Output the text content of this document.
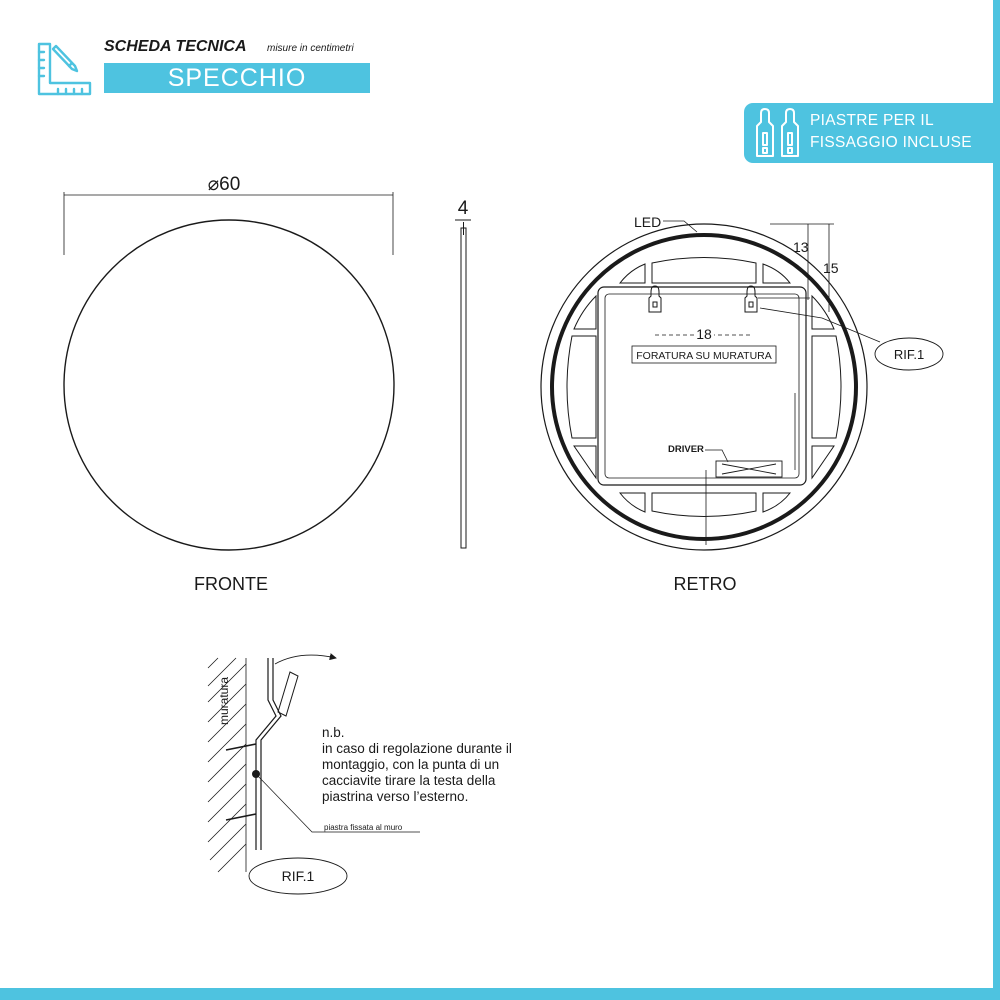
SCHEDA TECNICA misure in centimetri
SPECCHIO
PIASTRE PER IL
FISSAGGIO INCLUSE
⌀60
FRONTE
4
18
FORATURA SU MURATURA
13
15
LED
RIF.1
DRIVER
RETRO
muratura
piastra fissata al muro
RIF.1
n.b.
in caso di regolazione durante il
montaggio, con la punta di un
cacciavite tirare la testa della
piastrina verso l’esterno.
